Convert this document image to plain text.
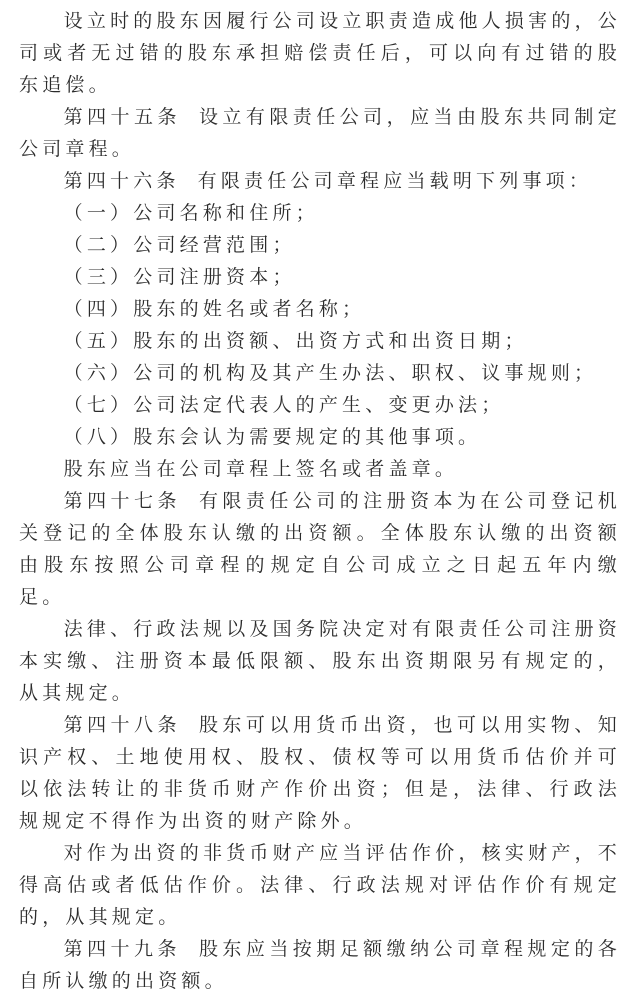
设立时的股东因履行公司设立职责造成他人损害的，公司或者无过错的股东承担赔偿责任后，可以向有过错的股东追偿。

第四十五条 设立有限责任公司，应当由股东共同制定公司章程。

第四十六条 有限责任公司章程应当载明下列事项：

（一）公司名称和住所；

（二）公司经营范围；

（三）公司注册资本；

（四）股东的姓名或者名称；

（五）股东的出资额、出资方式和出资日期；

（六）公司的机构及其产生办法、职权、议事规则；

（七）公司法定代表人的产生、变更办法；

（八）股东会认为需要规定的其他事项。

股东应当在公司章程上签名或者盖章。

第四十七条 有限责任公司的注册资本为在公司登记机关登记的全体股东认缴的出资额。全体股东认缴的出资额由股东按照公司章程的规定自公司成立之日起五年内缴足。

法律、行政法规以及国务院决定对有限责任公司注册资本实缴、注册资本最低限额、股东出资期限另有规定的，从其规定。

第四十八条 股东可以用货币出资，也可以用实物、知识产权、土地使用权、股权、债权等可以用货币估价并可以依法转让的非货币财产作价出资；但是，法律、行政法规规定不得作为出资的财产除外。

对作为出资的非货币财产应当评估作价，核实财产，不得高估或者低估作价。法律、行政法规对评估作价有规定的，从其规定。

第四十九条 股东应当按期足额缴纳公司章程规定的各自所认缴的出资额。
